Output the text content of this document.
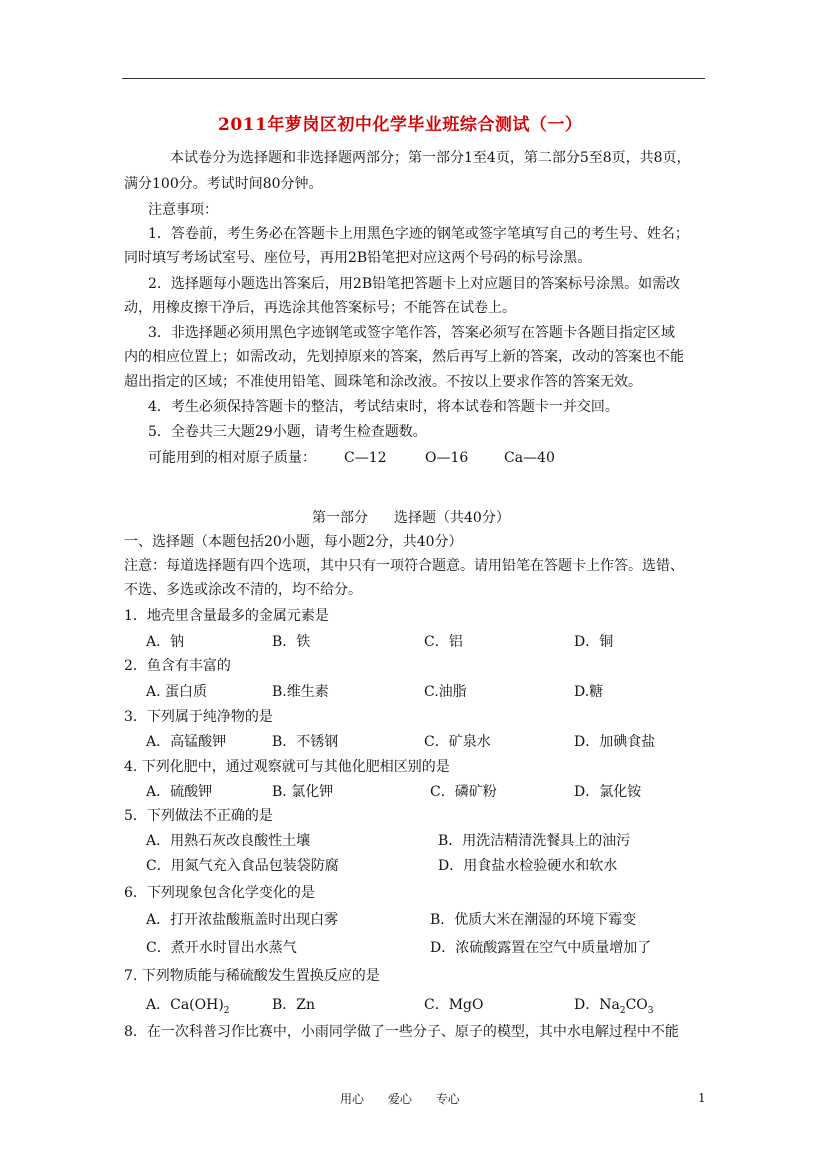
2011年萝岗区初中化学毕业班综合测试（一）
本试卷分为选择题和非选择题两部分；第一部分1至4页，第二部分5至8页，共8页，
满分100分。考试时间80分钟。
注意事项：
1．答卷前，考生务必在答题卡上用黑色字迹的钢笔或签字笔填写自己的考生号、姓名；
同时填写考场试室号、座位号，再用2B铅笔把对应这两个号码的标号涂黑。
2．选择题每小题选出答案后，用2B铅笔把答题卡上对应题目的答案标号涂黑。如需改
动，用橡皮擦干净后，再选涂其他答案标号；不能答在试卷上。
3．非选择题必须用黑色字迹钢笔或签字笔作答，答案必须写在答题卡各题目指定区域
内的相应位置上；如需改动，先划掉原来的答案，然后再写上新的答案，改动的答案也不能
超出指定的区域；不准使用铅笔、圆珠笔和涂改液。不按以上要求作答的答案无效。
4．考生必须保持答题卡的整洁，考试结束时，将本试卷和答题卡一并交回。
5．全卷共三大题29小题，请考生检查题数。
可能用到的相对原子质量： C—12	O—16	Ca—40
第一部分 选择题（共40分）
一、选择题（本题包括20小题，每小题2分，共40分）
注意：每道选择题有四个选项，其中只有一项符合题意。请用铅笔在答题卡上作答。选错、
不选、多选或涂改不清的，均不给分。
1．地壳里含量最多的金属元素是
A．钠	B．铁	C．铝	D．铜
2．鱼含有丰富的
A. 蛋白质	B.维生素	C.油脂	D.糖
3．下列属于纯净物的是
A．高锰酸钾	B．不锈钢	C．矿泉水	D．加碘食盐
4. 下列化肥中，通过观察就可与其他化肥相区别的是
A．硫酸钾	B. 氯化钾	C．磷矿粉	D．氯化铵
5．下列做法不正确的是
A．用熟石灰改良酸性土壤	B．用洗洁精清洗餐具上的油污
C．用氮气充入食品包装袋防腐	D．用食盐水检验硬水和软水
6．下列现象包含化学变化的是
A．打开浓盐酸瓶盖时出现白雾	B．优质大米在潮湿的环境下霉变
C．煮开水时冒出水蒸气	D．浓硫酸露置在空气中质量增加了
7. 下列物质能与稀硫酸发生置换反应的是
A．$Ca(OH)_2$	B．Zn	C．MgO	D．$Na_2CO_3$
8．在一次科普习作比赛中，小雨同学做了一些分子、原子的模型，其中水电解过程中不能
用心 爱心 专心	1
